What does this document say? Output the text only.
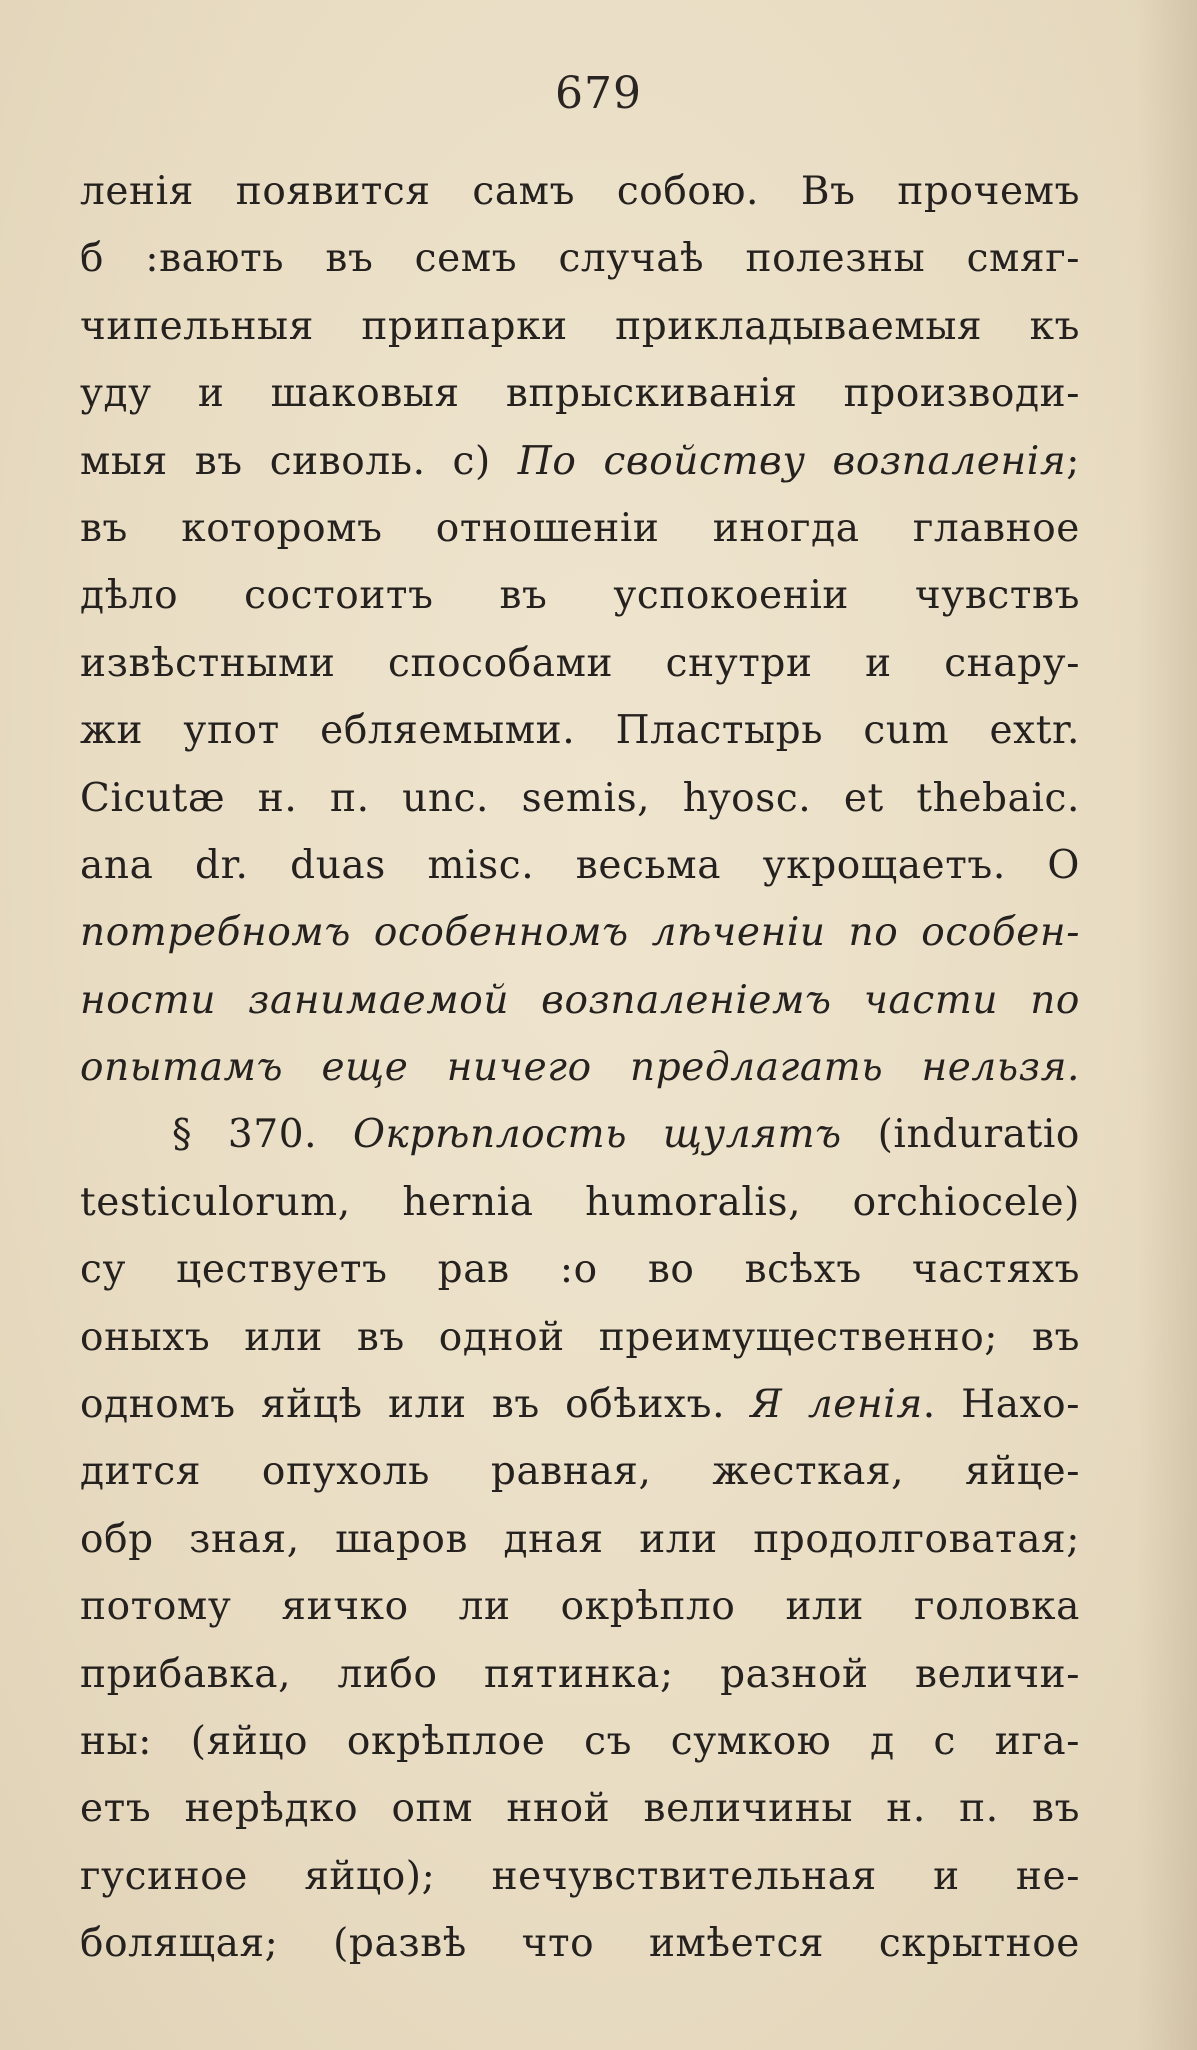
679
ленія появится самъ собою. Въ прочемъ
б :вають въ семъ случаѣ полезны смяг-
чипельныя припарки прикладываемыя къ
уду и шаковыя впрыскиванія производи-
мыя въ сиволь. с) По свойству возпаленія;
въ которомъ отношеніи иногда главное
дѣло состоитъ въ успокоеніи чувствъ
извѣстными способами снутри и снару-
жи упот ебляемыми. Пластырь cum extr.
Cicutæ н. п. unc. semis, hyosc. et thebaic.
ana dr. duas misc. весьма укрощаетъ. О
потребномъ особенномъ лѣченіи по особен-
ности занимаемой возпаленіемъ части по
опытамъ еще ничего предлагать нельзя.
§ 370. Окрѣплость щулятъ (induratio
testiculorum, hernia humoralis, orchiocele)
су цествуетъ рав :о во всѣхъ частяхъ
оныхъ или въ одной преимущественно; въ
одномъ яйцѣ или въ обѣихъ. Я ленія. Нахо-
дится опухоль равная, жесткая, яйце-
обр зная, шаров дная или продолговатая;
потому яичко ли окрѣпло или головка
прибавка, либо пятинка; разной величи-
ны: (яйцо окрѣплое съ сумкою д с игa-
етъ нерѣдко опм нной величины н. п. въ
гусиное яйцо); нечувствительная и не-
болящая; (развѣ что имѣется скрытное
